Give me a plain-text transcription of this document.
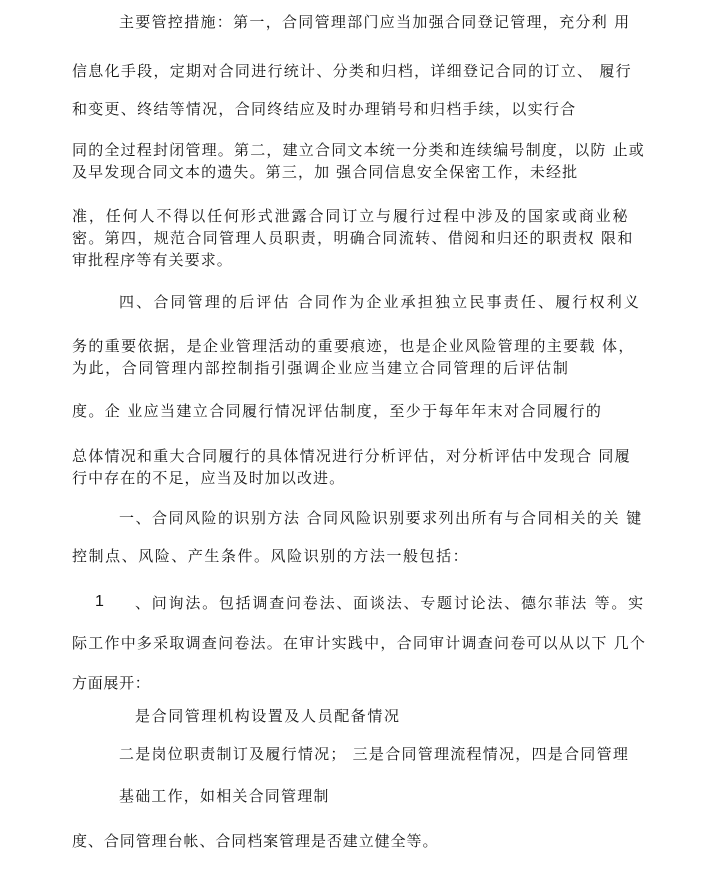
主要管控措施：第一，合同管理部门应当加强合同登记管理，充分利 用
信息化手段，定期对合同进行统计、分类和归档，详细登记合同的订立、 履行
和变更、终结等情况，合同终结应及时办理销号和归档手续，以实行合
同的全过程封闭管理。第二，建立合同文本统一分类和连续编号制度，以防 止或
及早发现合同文本的遗失。第三，加 强合同信息安全保密工作，未经批
准，任何人不得以任何形式泄露合同订立与履行过程中涉及的国家或商业秘
密。第四，规范合同管理人员职责，明确合同流转、借阅和归还的职责权 限和
审批程序等有关要求。
四、合同管理的后评估 合同作为企业承担独立民事责任、履行权利义
务的重要依据，是企业管理活动的重要痕迹，也是企业风险管理的主要载 体，
为此，合同管理内部控制指引强调企业应当建立合同管理的后评估制
度。企 业应当建立合同履行情况评估制度，至少于每年年末对合同履行的
总体情况和重大合同履行的具体情况进行分析评估，对分析评估中发现合 同履
行中存在的不足，应当及时加以改进。
一、合同风险的识别方法 合同风险识别要求列出所有与合同相关的关 键
控制点、风险、产生条件。风险识别的方法一般包括：
1 、问询法。包括调查问卷法、面谈法、专题讨论法、德尔菲法 等。实
际工作中多采取调查问卷法。在审计实践中，合同审计调查问卷可以从以下 几个
方面展开：
是合同管理机构设置及人员配备情况
二是岗位职责制订及履行情况； 三是合同管理流程情况，四是合同管理
基础工作，如相关合同管理制
度、合同管理台帐、合同档案管理是否建立健全等。
